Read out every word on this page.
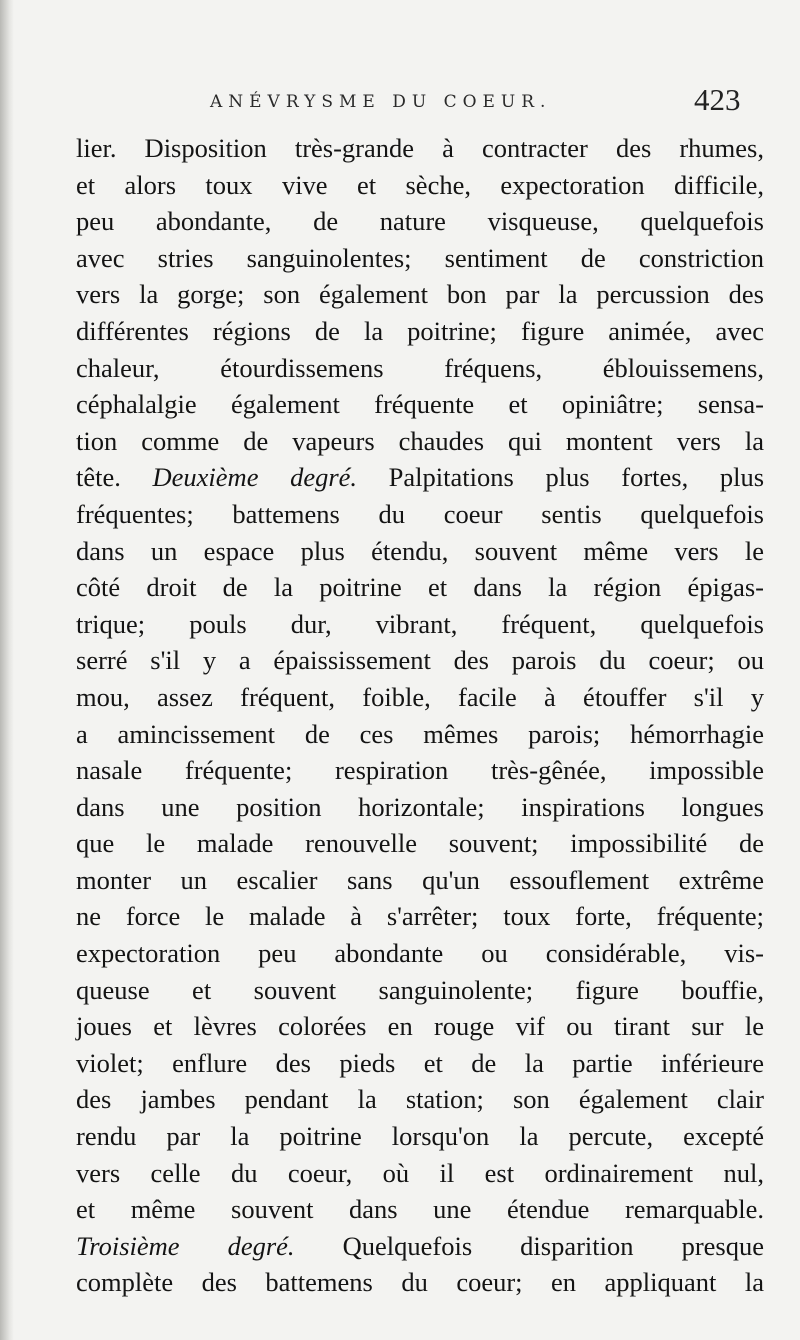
ANÉVRYSME DU COEUR.	423
lier. Disposition très-grande à contracter des rhumes,
et alors toux vive et sèche, expectoration difficile,
peu abondante, de nature visqueuse, quelquefois
avec stries sanguinolentes; sentiment de constriction
vers la gorge; son également bon par la percussion des
différentes régions de la poitrine; figure animée, avec
chaleur, étourdissemens fréquens, éblouissemens,
céphalalgie également fréquente et opiniâtre; sensa-
tion comme de vapeurs chaudes qui montent vers la
tête. Deuxième degré. Palpitations plus fortes, plus
fréquentes; battemens du coeur sentis quelquefois
dans un espace plus étendu, souvent même vers le
côté droit de la poitrine et dans la région épigas-
trique; pouls dur, vibrant, fréquent, quelquefois
serré s'il y a épaississement des parois du coeur; ou
mou, assez fréquent, foible, facile à étouffer s'il y
a amincissement de ces mêmes parois; hémorrhagie
nasale fréquente; respiration très-gênée, impossible
dans une position horizontale; inspirations longues
que le malade renouvelle souvent; impossibilité de
monter un escalier sans qu'un essouflement extrême
ne force le malade à s'arrêter; toux forte, fréquente;
expectoration peu abondante ou considérable, vis-
queuse et souvent sanguinolente; figure bouffie,
joues et lèvres colorées en rouge vif ou tirant sur le
violet; enflure des pieds et de la partie inférieure
des jambes pendant la station; son également clair
rendu par la poitrine lorsqu'on la percute, excepté
vers celle du coeur, où il est ordinairement nul,
et même souvent dans une étendue remarquable.
Troisième degré. Quelquefois disparition presque
complète des battemens du coeur; en appliquant la
